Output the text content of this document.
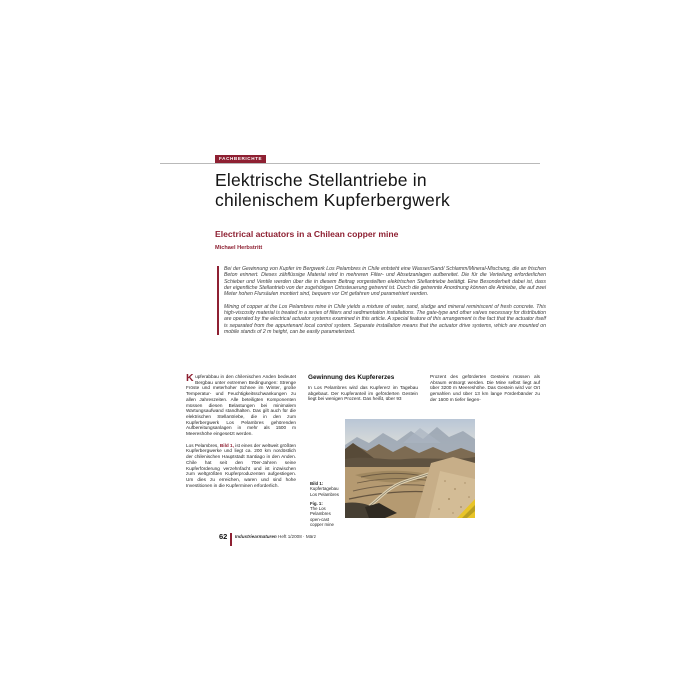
FACHBERICHTE
Elektrische Stellantriebe in
chilenischem Kupferbergwerk
Electrical actuators in a Chilean copper mine
Michael Herbstritt

Bei der Gewinnung von Kupfer im Bergwerk Los Pelambres in Chile entsteht eine Wasser/Sand/ Schlamm/Mineral-Mischung, die an frischen Beton erinnert. Dieses zähflüssige Material wird in mehreren Filter- und Absetzanlagen aufbereitet. Die für die Verteilung erforderlichen Schieber und Ventile werden über die in diesem Beitrag vorgestellten elektrischen Stellantriebe betätigt. Eine Besonderheit dabei ist, dass der eigentliche Stellantrieb von der zugehörigen Ortssteuerung getrennt ist. Durch die getrennte Anordnung können die Antriebe, die auf zwei Meter hohen Flursäulen montiert sind, bequem vor Ort gefahren und parametriert werden.

Mining of copper at the Los Pelambres mine in Chile yields a mixture of water, sand, sludge and mineral reminiscent of fresh concrete. This high-viscosity material is treated in a series of filters and sedimentation installations. The gate-type and other valves necessary for distribution are operated by the electrical actuator systems examined in this article. A special feature of this arrangement is the fact that the actuator itself is separated from the appurtenant local control system. Separate installation means that the actuator drive systems, which are mounted on mobile stands of 2 m height, can be easily parameterized.

Kupferabbau in den chilenischen Anden bedeutet Bergbau unter extremen Bedingungen: Strenge Fröste und meterhoher Schnee im Winter, große Temperatur- und Feuchtigkeitsschwankungen zu allen Jahreszeiten. Alle beteiligten Komponenten müssen diesen Belastungen bei minimalem Wartungsaufwand standhalten. Das gilt auch für die elektrischen Stellantriebe, die in den zum Kupferbergwerk Los Pelambres gehörenden Aufbereitungsanlagen in mehr als 1500 m Meereshöhe eingesetzt werden.

Los Pelambres, Bild 1, ist eines der weltweit größten Kupferbergwerke und liegt ca. 200 km nordöstlich der chilenischen Hauptstadt Santiago in den Anden. Chile hat seit den 70er-Jahren seine Kupferförderung verzehnfacht und ist inzwischen zum weltgrößten Kupferproduzenten aufgestiegen. Um dies zu erreichen, waren und sind hohe Investitionen in die Kupferminen erforderlich.

Gewinnung des Kupfererzes

In Los Pelambres wird das Kupfererz im Tagebau abgebaut. Der Kupferanteil im geförderten Gestein liegt bei wenigen Prozent. Das heißt, über 93

Prozent des geförderten Gesteins müssen als Abraum entsorgt werden. Die Mine selbst liegt auf über 3200 m Meereshöhe. Das Gestein wird vor Ort gemahlen und über 13 km lange Förderbänder zu der 1600 m tiefer liegen-

Bild 1:
Kupfertagebau Los Pelambres
Fig. 1:
The Los Pelambres open-cast copper mine
62 Industriearmaturen Heft 1/2008 · März
